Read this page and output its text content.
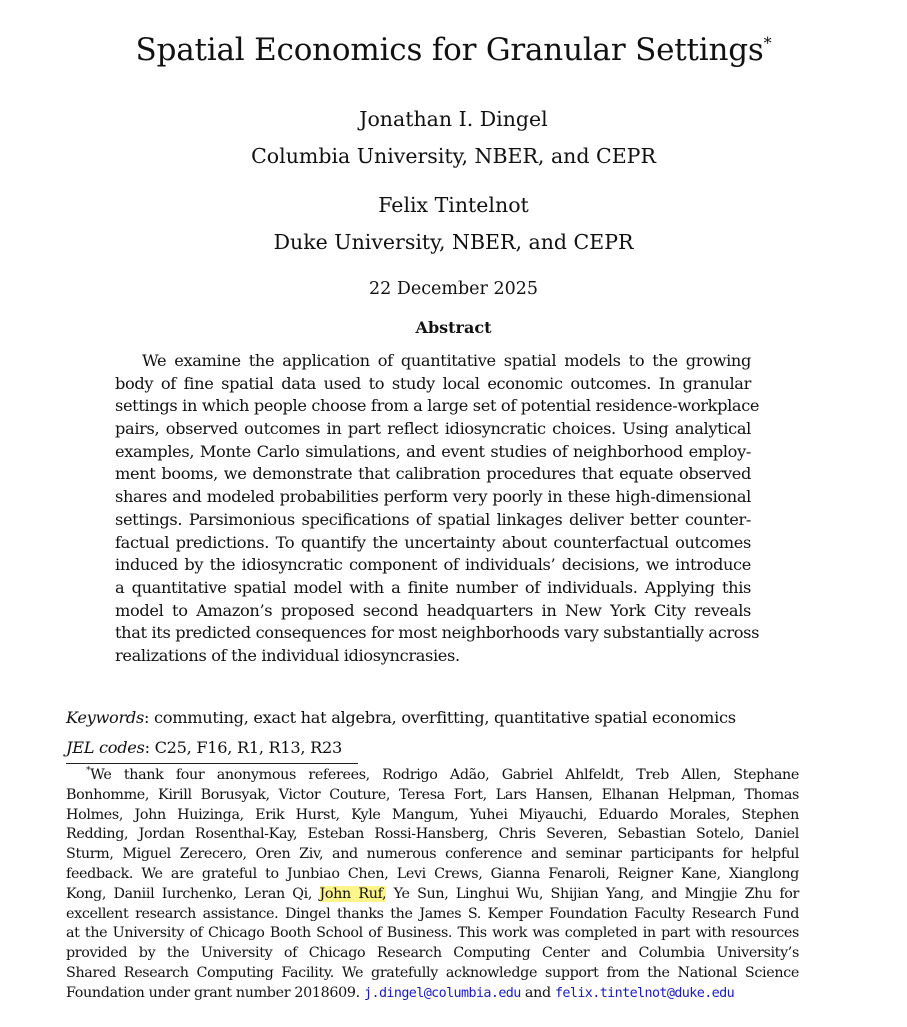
Spatial Economics for Granular Settings*
Jonathan I. Dingel
Columbia University, NBER, and CEPR
Felix Tintelnot
Duke University, NBER, and CEPR
22 December 2025
Abstract
We examine the application of quantitative spatial models to the growing
body of fine spatial data used to study local economic outcomes. In granular
settings in which people choose from a large set of potential residence-workplace
pairs, observed outcomes in part reflect idiosyncratic choices. Using analytical
examples, Monte Carlo simulations, and event studies of neighborhood employ-
ment booms, we demonstrate that calibration procedures that equate observed
shares and modeled probabilities perform very poorly in these high-dimensional
settings. Parsimonious specifications of spatial linkages deliver better counter-
factual predictions. To quantify the uncertainty about counterfactual outcomes
induced by the idiosyncratic component of individuals’ decisions, we introduce
a quantitative spatial model with a finite number of individuals. Applying this
model to Amazon’s proposed second headquarters in New York City reveals
that its predicted consequences for most neighborhoods vary substantially across
realizations of the individual idiosyncrasies.
Keywords: commuting, exact hat algebra, overfitting, quantitative spatial economics
JEL codes: C25, F16, R1, R13, R23
*We thank four anonymous referees, Rodrigo Adão, Gabriel Ahlfeldt, Treb Allen, Stephane
Bonhomme, Kirill Borusyak, Victor Couture, Teresa Fort, Lars Hansen, Elhanan Helpman, Thomas
Holmes, John Huizinga, Erik Hurst, Kyle Mangum, Yuhei Miyauchi, Eduardo Morales, Stephen
Redding, Jordan Rosenthal-Kay, Esteban Rossi-Hansberg, Chris Severen, Sebastian Sotelo, Daniel
Sturm, Miguel Zerecero, Oren Ziv, and numerous conference and seminar participants for helpful
feedback. We are grateful to Junbiao Chen, Levi Crews, Gianna Fenaroli, Reigner Kane, Xianglong
Kong, Daniil Iurchenko, Leran Qi, John Ruf, Ye Sun, Linghui Wu, Shijian Yang, and Mingjie Zhu for
excellent research assistance. Dingel thanks the James S. Kemper Foundation Faculty Research Fund
at the University of Chicago Booth School of Business. This work was completed in part with resources
provided by the University of Chicago Research Computing Center and Columbia University’s
Shared Research Computing Facility. We gratefully acknowledge support from the National Science
Foundation under grant number 2018609. j.dingel@columbia.edu and felix.tintelnot@duke.edu
